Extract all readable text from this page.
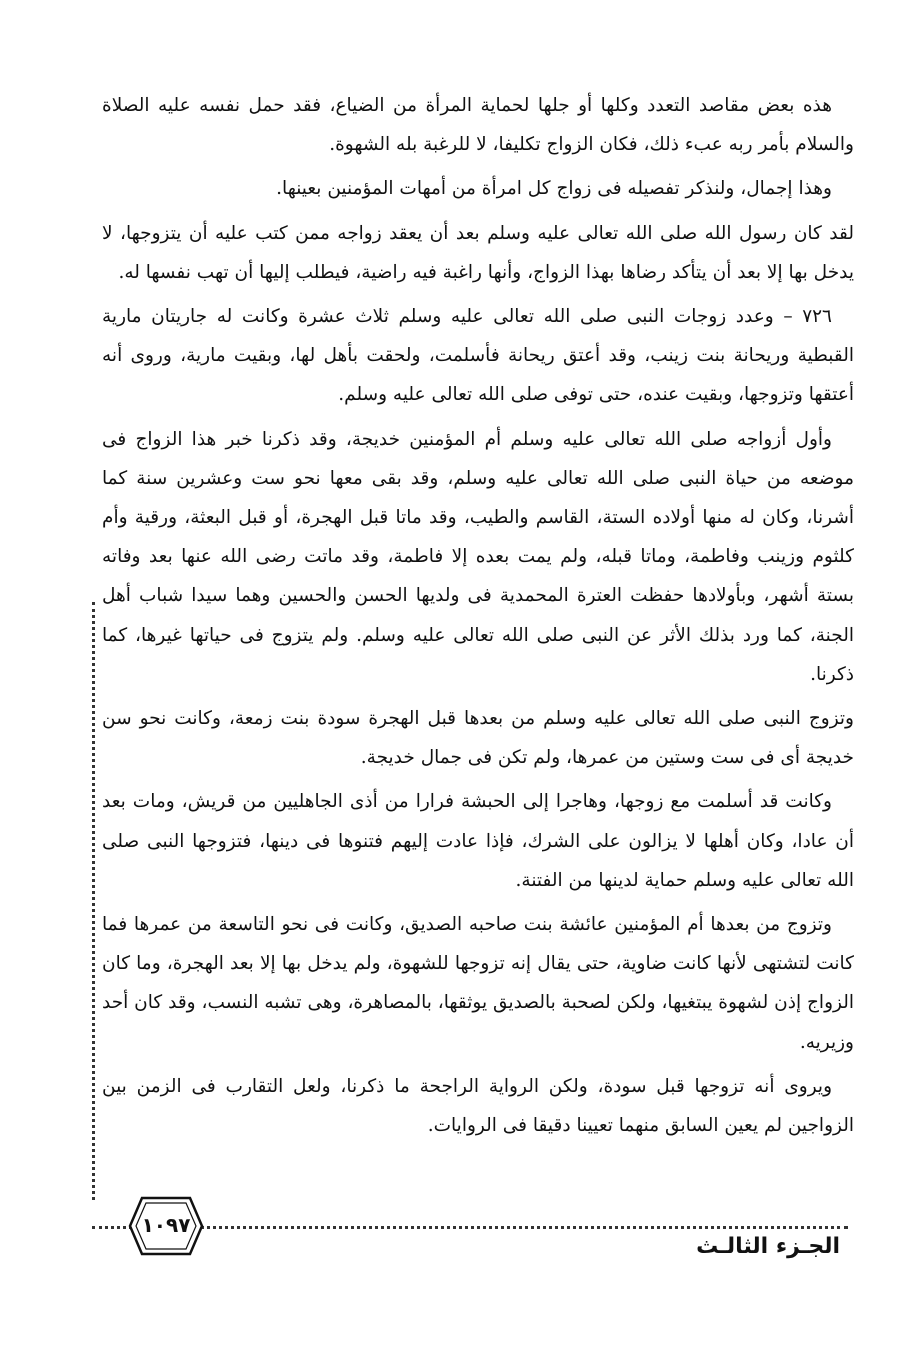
هذه بعض مقاصد التعدد وكلها أو جلها لحماية المرأة من الضياع، فقد حمل نفسه عليه الصلاة والسلام بأمر ربه عبء ذلك، فكان الزواج تكليفا، لا للرغبة بله الشهوة.

وهذا إجمال، ولنذكر تفصيله فى زواج كل امرأة من أمهات المؤمنين بعينها.

لقد كان رسول الله صلى الله تعالى عليه وسلم بعد أن يعقد زواجه ممن كتب عليه أن يتزوجها، لا يدخل بها إلا بعد أن يتأكد رضاها بهذا الزواج، وأنها راغبة فيه راضية، فيطلب إليها أن تهب نفسها له.

٧٢٦ – وعدد زوجات النبى صلى الله تعالى عليه وسلم ثلاث عشرة وكانت له جاريتان مارية القبطية وريحانة بنت زينب، وقد أعتق ريحانة فأسلمت، ولحقت بأهل لها، وبقيت مارية، وروى أنه أعتقها وتزوجها، وبقيت عنده، حتى توفى صلى الله تعالى عليه وسلم.

وأول أزواجه صلى الله تعالى عليه وسلم أم المؤمنين خديجة، وقد ذكرنا خبر هذا الزواج فى موضعه من حياة النبى صلى الله تعالى عليه وسلم، وقد بقى معها نحو ست وعشرين سنة كما أشرنا، وكان له منها أولاده الستة، القاسم والطيب، وقد ماتا قبل الهجرة، أو قبل البعثة، ورقية وأم كلثوم وزينب وفاطمة، وماتا قبله، ولم يمت بعده إلا فاطمة، وقد ماتت رضى الله عنها بعد وفاته بستة أشهر، وبأولادها حفظت العترة المحمدية فى ولديها الحسن والحسين وهما سيدا شباب أهل الجنة، كما ورد بذلك الأثر عن النبى صلى الله تعالى عليه وسلم. ولم يتزوج فى حياتها غيرها، كما ذكرنا.

وتزوج النبى صلى الله تعالى عليه وسلم من بعدها قبل الهجرة سودة بنت زمعة، وكانت نحو سن خديجة أى فى ست وستين من عمرها، ولم تكن فى جمال خديجة.

وكانت قد أسلمت مع زوجها، وهاجرا إلى الحبشة فرارا من أذى الجاهليين من قريش، ومات بعد أن عادا، وكان أهلها لا يزالون على الشرك، فإذا عادت إليهم فتنوها فى دينها، فتزوجها النبى صلى الله تعالى عليه وسلم حماية لدينها من الفتنة.

وتزوج من بعدها أم المؤمنين عائشة بنت صاحبه الصديق، وكانت فى نحو التاسعة من عمرها فما كانت لتشتهى لأنها كانت ضاوية، حتى يقال إنه تزوجها للشهوة، ولم يدخل بها إلا بعد الهجرة، وما كان الزواج إذن لشهوة يبتغيها، ولكن لصحبة بالصديق يوثقها، بالمصاهرة، وهى تشبه النسب، وقد كان أحد وزيريه.

ويروى أنه تزوجها قبل سودة، ولكن الرواية الراجحة ما ذكرنا، ولعل التقارب فى الزمن بين الزواجين لم يعين السابق منهما تعيينا دقيقا فى الروايات.

١٠٩٧
الجـزء الثالـث
